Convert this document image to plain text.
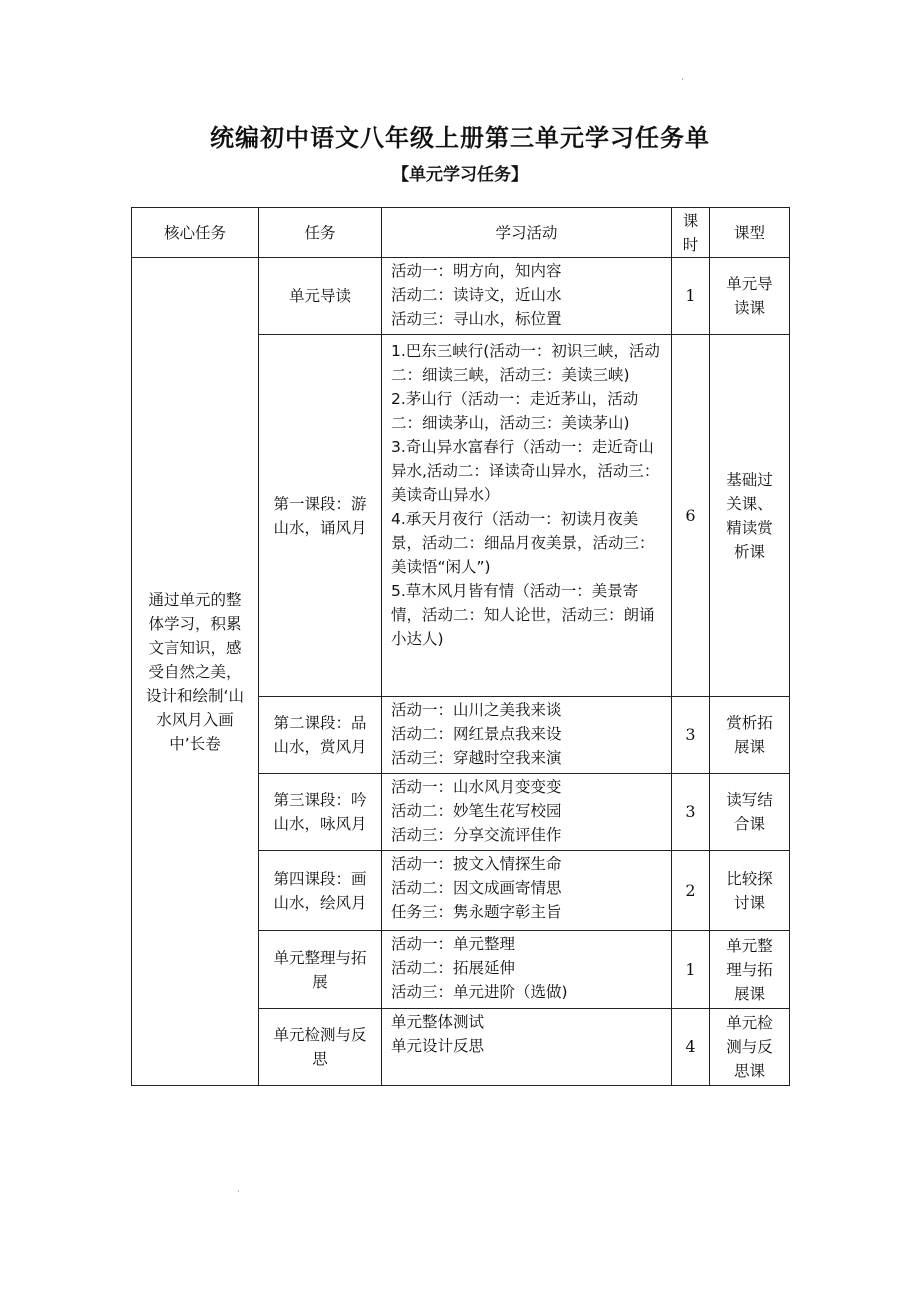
统编初中语文八年级上册第三单元学习任务单
【单元学习任务】
核心任务	任务	学习活动	课时	课型
通过单元的整体学习，积累文言知识，感受自然之美，设计和绘制‘山水风月入画中’长卷	单元导读	活动一：明方向，知内容
活动二：读诗文，近山水
活动三：寻山水，标位置	1	单元导读课
	第一课段：游山水，诵风月	1.巴东三峡行(活动一：初识三峡，活动二：细读三峡，活动三：美读三峡)
2.茅山行（活动一：走近茅山，活动二：细读茅山，活动三：美读茅山)
3.奇山异水富春行（活动一：走近奇山异水,活动二：译读奇山异水，活动三：美读奇山异水）
4.承天月夜行（活动一：初读月夜美景，活动二：细品月夜美景，活动三：美读悟“闲人”)
5.草木风月皆有情（活动一：美景寄情，活动二：知人论世，活动三：朗诵小达人)	6	基础过关课、精读赏析课
	第二课段：品山水，赏风月	活动一：山川之美我来谈
活动二：网红景点我来设
活动三：穿越时空我来演	3	赏析拓展课
	第三课段：吟山水，咏风月	活动一：山水风月变变变
活动二：妙笔生花写校园
活动三：分享交流评佳作	3	读写结合课
	第四课段：画山水，绘风月	活动一：披文入情探生命
活动二：因文成画寄情思
任务三：隽永题字彰主旨	2	比较探讨课
	单元整理与拓展	活动一：单元整理
活动二：拓展延伸
活动三：单元进阶（选做)	1	单元整理与拓展课
	单元检测与反思	单元整体测试
单元设计反思	4	单元检测与反思课
